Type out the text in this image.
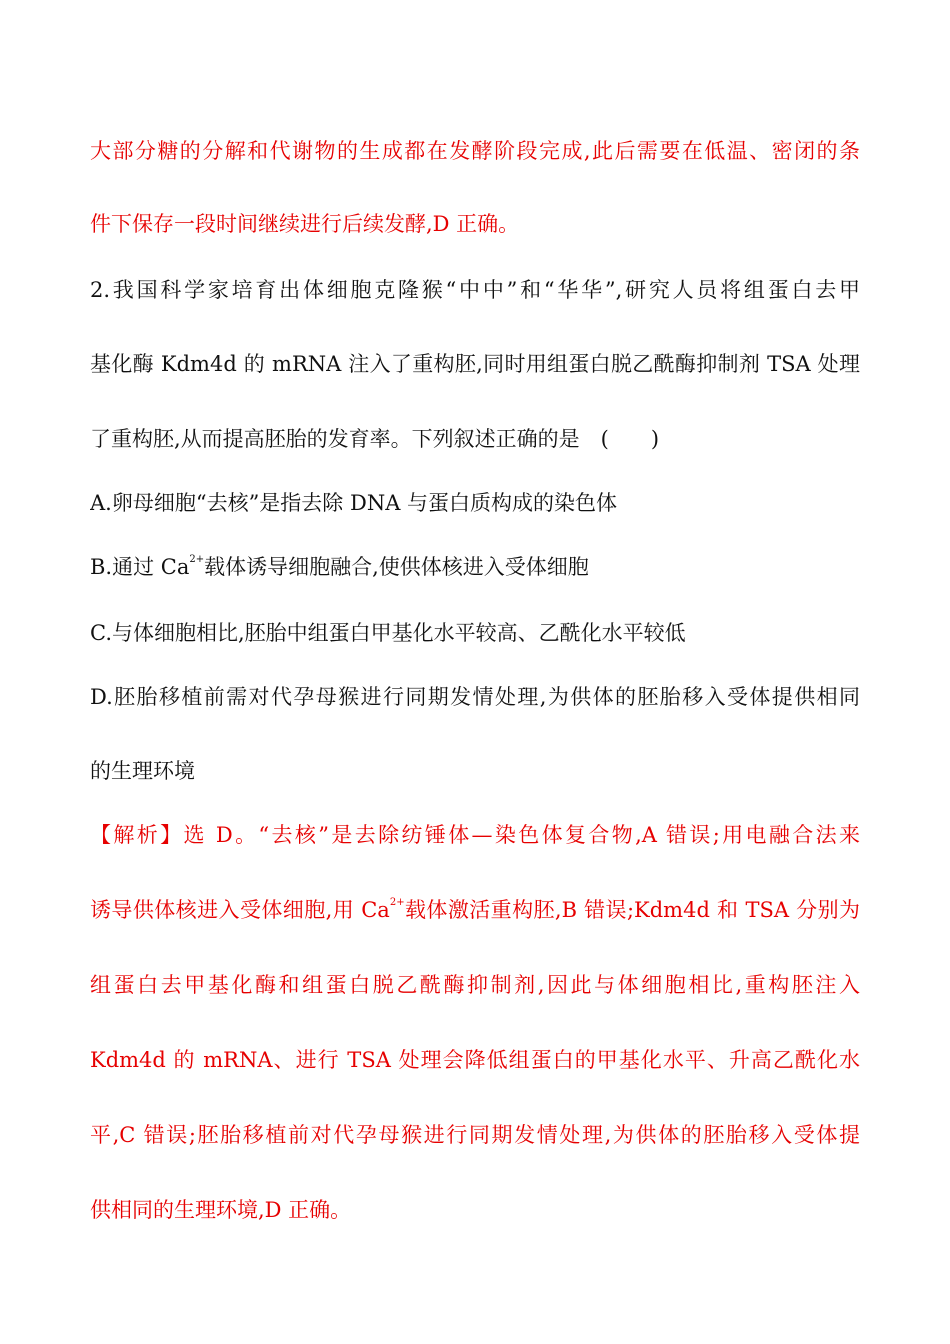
大部分糖的分解和代谢物的生成都在发酵阶段完成,此后需要在低温、密闭的条
件下保存一段时间继续进行后续发酵,D 正确。
2.我国科学家培育出体细胞克隆猴“中中”和“华华”,研究人员将组蛋白去甲
基化酶 Kdm4d 的 mRNA 注入了重构胚,同时用组蛋白脱乙酰酶抑制剂 TSA 处理
了重构胚,从而提高胚胎的发育率。下列叙述正确的是　(　　)
A.卵母细胞“去核”是指去除 DNA 与蛋白质构成的染色体
B.通过 $Ca^{2+}$载体诱导细胞融合,使供体核进入受体细胞
C.与体细胞相比,胚胎中组蛋白甲基化水平较高、乙酰化水平较低
D.胚胎移植前需对代孕母猴进行同期发情处理,为供体的胚胎移入受体提供相同
的生理环境
【解析】选 D。“去核”是去除纺锤体—染色体复合物,A 错误;用电融合法来
诱导供体核进入受体细胞,用 $Ca^{2+}$载体激活重构胚,B 错误;Kdm4d 和 TSA 分别为
组蛋白去甲基化酶和组蛋白脱乙酰酶抑制剂,因此与体细胞相比,重构胚注入
Kdm4d 的 mRNA、进行 TSA 处理会降低组蛋白的甲基化水平、升高乙酰化水
平,C 错误;胚胎移植前对代孕母猴进行同期发情处理,为供体的胚胎移入受体提
供相同的生理环境,D 正确。
